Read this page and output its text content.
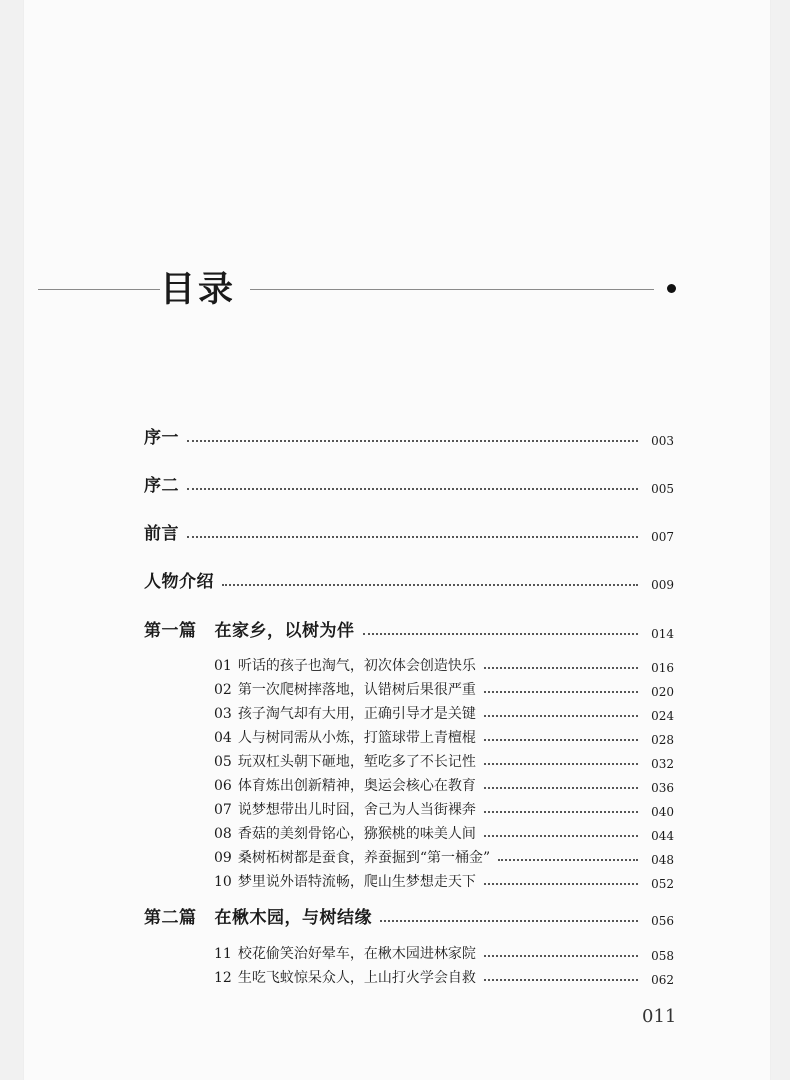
目录
序一	003
序二	005
前言	007
人物介绍	009
第一篇 在家乡，以树为伴	014
01 听话的孩子也淘气，初次体会创造快乐	016
02 第一次爬树摔落地，认错树后果很严重	020
03 孩子淘气却有大用，正确引导才是关键	024
04 人与树同需从小炼，打篮球带上青檀棍	028
05 玩双杠头朝下砸地，堑吃多了不长记性	032
06 体育炼出创新精神，奥运会核心在教育	036
07 说梦想带出儿时囧，舍己为人当街裸奔	040
08 香菇的美刻骨铭心，猕猴桃的味美人间	044
09 桑树柘树都是蚕食，养蚕掘到“第一桶金”	048
10 梦里说外语特流畅，爬山生梦想走天下	052
第二篇 在楸木园，与树结缘	056
11 校花偷笑治好晕车，在楸木园进林家院	058
12 生吃飞蚊惊呆众人，上山打火学会自救	062
011
